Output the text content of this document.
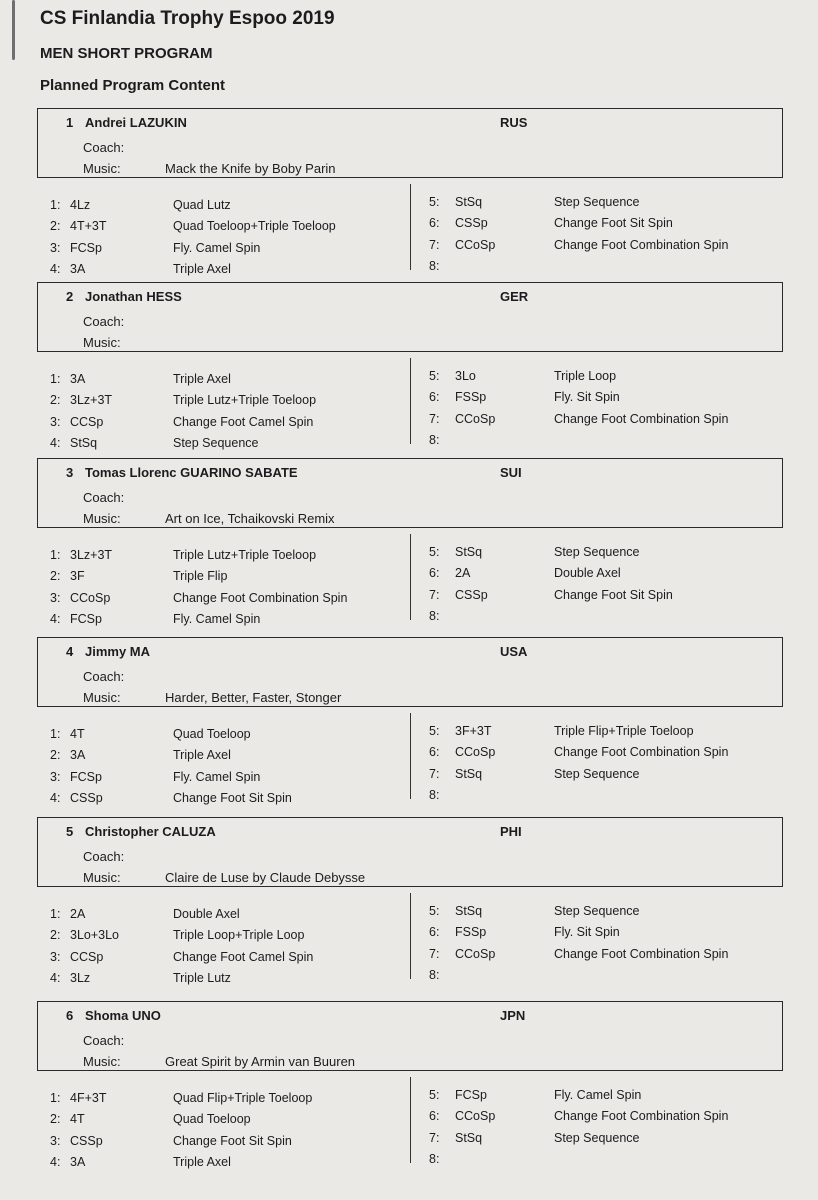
CS Finlandia Trophy Espoo 2019
MEN SHORT PROGRAM
Planned Program Content
1 Andrei LAZUKIN	RUS
Coach:
Music:	Mack the Knife by Boby Parin
1: 4Lz	Quad Lutz
2: 4T+3T	Quad Toeloop+Triple Toeloop
3: FCSp	Fly. Camel Spin
4: 3A	Triple Axel
5: StSq	Step Sequence
6: CSSp	Change Foot Sit Spin
7: CCoSp	Change Foot Combination Spin
8:
2 Jonathan HESS	GER
Coach:
Music:
1: 3A	Triple Axel
2: 3Lz+3T	Triple Lutz+Triple Toeloop
3: CCSp	Change Foot Camel Spin
4: StSq	Step Sequence
5: 3Lo	Triple Loop
6: FSSp	Fly. Sit Spin
7: CCoSp	Change Foot Combination Spin
8:
3 Tomas Llorenc GUARINO SABATE	SUI
Coach:
Music:	Art on Ice, Tchaikovski Remix
1: 3Lz+3T	Triple Lutz+Triple Toeloop
2: 3F	Triple Flip
3: CCoSp	Change Foot Combination Spin
4: FCSp	Fly. Camel Spin
5: StSq	Step Sequence
6: 2A	Double Axel
7: CSSp	Change Foot Sit Spin
8:
4 Jimmy MA	USA
Coach:
Music:	Harder, Better, Faster, Stonger
1: 4T	Quad Toeloop
2: 3A	Triple Axel
3: FCSp	Fly. Camel Spin
4: CSSp	Change Foot Sit Spin
5: 3F+3T	Triple Flip+Triple Toeloop
6: CCoSp	Change Foot Combination Spin
7: StSq	Step Sequence
8:
5 Christopher CALUZA	PHI
Coach:
Music:	Claire de Luse by Claude Debysse
1: 2A	Double Axel
2: 3Lo+3Lo	Triple Loop+Triple Loop
3: CCSp	Change Foot Camel Spin
4: 3Lz	Triple Lutz
5: StSq	Step Sequence
6: FSSp	Fly. Sit Spin
7: CCoSp	Change Foot Combination Spin
8:
6 Shoma UNO	JPN
Coach:
Music:	Great Spirit by Armin van Buuren
1: 4F+3T	Quad Flip+Triple Toeloop
2: 4T	Quad Toeloop
3: CSSp	Change Foot Sit Spin
4: 3A	Triple Axel
5: FCSp	Fly. Camel Spin
6: CCoSp	Change Foot Combination Spin
7: StSq	Step Sequence
8:
